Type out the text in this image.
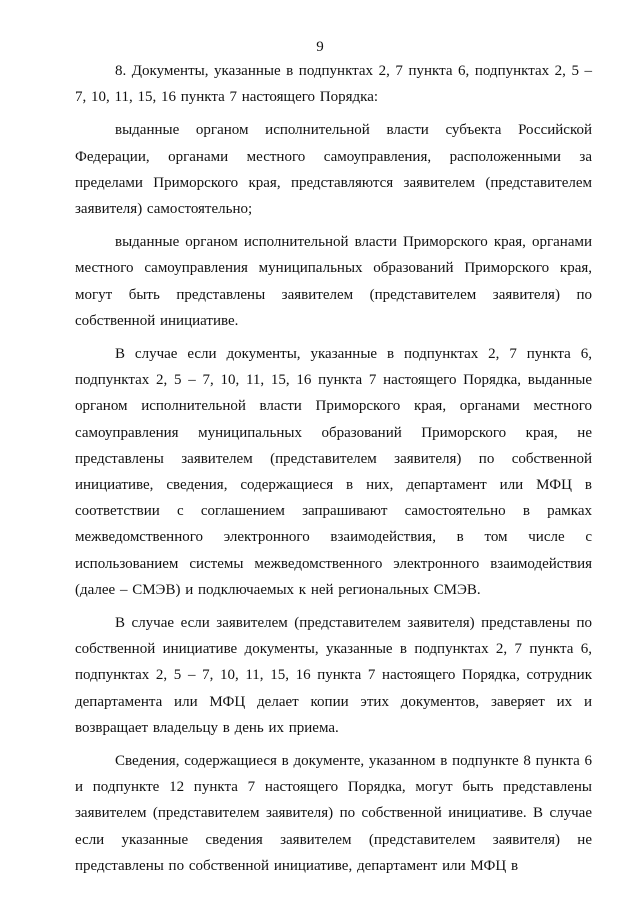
9

8. Документы, указанные в подпунктах 2, 7 пункта 6, подпунктах 2, 5 – 7, 10, 11, 15, 16 пункта 7 настоящего Порядка:

выданные органом исполнительной власти субъекта Российской Федерации, органами местного самоуправления, расположенными за пределами Приморского края, представляются заявителем (представителем заявителя) самостоятельно;

выданные органом исполнительной власти Приморского края, органами местного самоуправления муниципальных образований Приморского края, могут быть представлены заявителем (представителем заявителя) по собственной инициативе.

В случае если документы, указанные в подпунктах 2, 7 пункта 6, подпунктах 2, 5 – 7, 10, 11, 15, 16 пункта 7 настоящего Порядка, выданные органом исполнительной власти Приморского края, органами местного самоуправления муниципальных образований Приморского края, не представлены заявителем (представителем заявителя) по собственной инициативе, сведения, содержащиеся в них, департамент или МФЦ в соответствии с соглашением запрашивают самостоятельно в рамках межведомственного электронного взаимодействия, в том числе с использованием системы межведомственного электронного взаимодействия (далее – СМЭВ) и подключаемых к ней региональных СМЭВ.

В случае если заявителем (представителем заявителя) представлены по собственной инициативе документы, указанные в подпунктах 2, 7 пункта 6, подпунктах 2, 5 – 7, 10, 11, 15, 16 пункта 7 настоящего Порядка, сотрудник департамента или МФЦ делает копии этих документов, заверяет их и возвращает владельцу в день их приема.

Сведения, содержащиеся в документе, указанном в подпункте 8 пункта 6 и подпункте 12 пункта 7 настоящего Порядка, могут быть представлены заявителем (представителем заявителя) по собственной инициативе. В случае если указанные сведения заявителем (представителем заявителя) не представлены по собственной инициативе, департамент или МФЦ в
